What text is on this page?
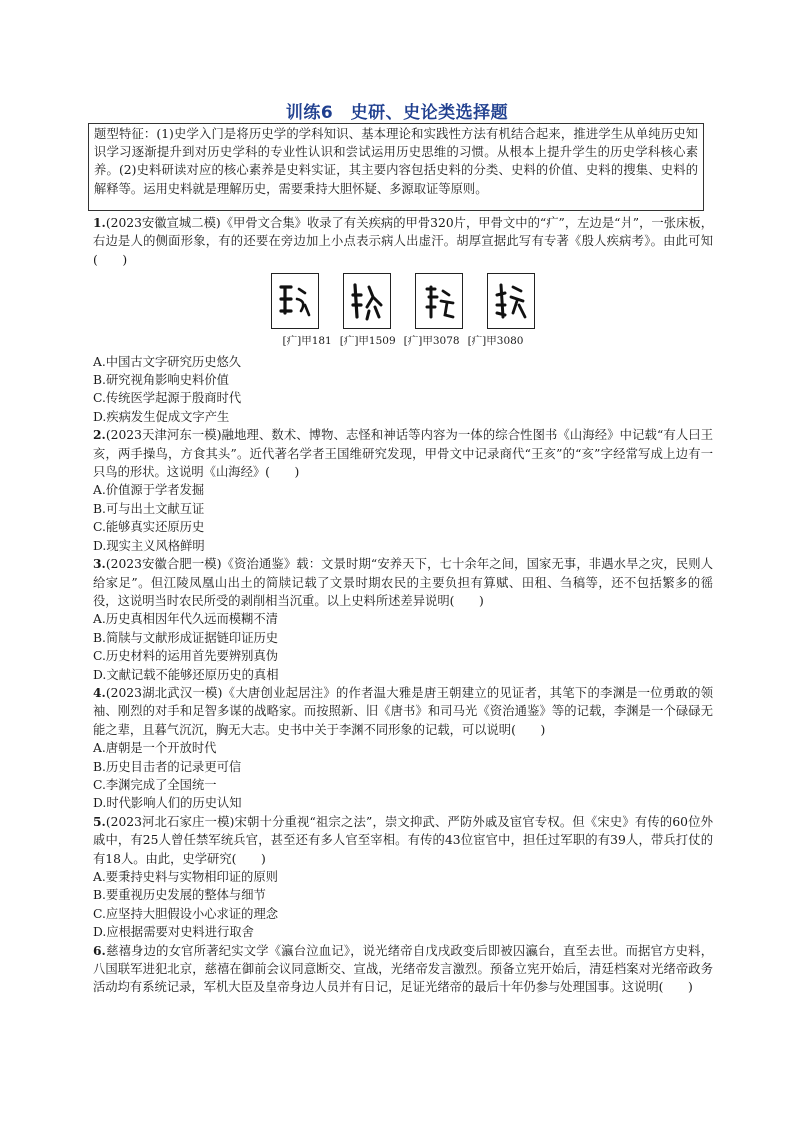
训练6　史研、史论类选择题
题型特征：(1)史学入门是将历史学的学科知识、基本理论和实践性方法有机结合起来，推进学生从单纯历史知识学习逐渐提升到对历史学科的专业性认识和尝试运用历史思维的习惯。从根本上提升学生的历史学科核心素养。(2)史料研读对应的核心素养是史料实证，其主要内容包括史料的分类、史料的价值、史料的搜集、史料的解释等。运用史料就是理解历史，需要秉持大胆怀疑、多源取证等原则。

1.(2023安徽宣城二模)《甲骨文合集》收录了有关疾病的甲骨320片，甲骨文中的“疒”，左边是“爿”，一张床板，右边是人的侧面形象，有的还要在旁边加上小点表示病人出虚汗。胡厚宣据此写有专著《殷人疾病考》。由此可知(　　)

[疒]甲181 [疒]甲1509 [疒]甲3078 [疒]甲3080

A.中国古文字研究历史悠久

B.研究视角影响史料价值

C.传统医学起源于殷商时代

D.疾病发生促成文字产生

2.(2023天津河东一模)融地理、数术、博物、志怪和神话等内容为一体的综合性图书《山海经》中记载“有人曰王亥，两手操鸟，方食其头”。近代著名学者王国维研究发现，甲骨文中记录商代“王亥”的“亥”字经常写成上边有一只鸟的形状。这说明《山海经》(　　)

A.价值源于学者发掘

B.可与出土文献互证

C.能够真实还原历史

D.现实主义风格鲜明

3.(2023安徽合肥一模)《资治通鉴》载：文景时期“安养天下，七十余年之间，国家无事，非遇水旱之灾，民则人给家足”。但江陵凤凰山出土的简牍记载了文景时期农民的主要负担有算赋、田租、刍稿等，还不包括繁多的徭役，这说明当时农民所受的剥削相当沉重。以上史料所述差异说明(　　)

A.历史真相因年代久远而模糊不清

B.简牍与文献形成证据链印证历史

C.历史材料的运用首先要辨别真伪

D.文献记载不能够还原历史的真相

4.(2023湖北武汉一模)《大唐创业起居注》的作者温大雅是唐王朝建立的见证者，其笔下的李渊是一位勇敢的领袖、刚烈的对手和足智多谋的战略家。而按照新、旧《唐书》和司马光《资治通鉴》等的记载，李渊是一个碌碌无能之辈，且暮气沉沉，胸无大志。史书中关于李渊不同形象的记载，可以说明(　　)

A.唐朝是一个开放时代

B.历史目击者的记录更可信

C.李渊完成了全国统一

D.时代影响人们的历史认知

5.(2023河北石家庄一模)宋朝十分重视“祖宗之法”，崇文抑武、严防外戚及宦官专权。但《宋史》有传的60位外戚中，有25人曾任禁军统兵官，甚至还有多人官至宰相。有传的43位宦官中，担任过军职的有39人，带兵打仗的有18人。由此，史学研究(　　)

A.要秉持史料与实物相印证的原则

B.要重视历史发展的整体与细节

C.应坚持大胆假设小心求证的理念

D.应根据需要对史料进行取舍

6.慈禧身边的女官所著纪实文学《瀛台泣血记》，说光绪帝自戊戌政变后即被囚瀛台，直至去世。而据官方史料，八国联军进犯北京，慈禧在御前会议同意断交、宣战，光绪帝发言激烈。预备立宪开始后，清廷档案对光绪帝政务活动均有系统记录，军机大臣及皇帝身边人员并有日记，足证光绪帝的最后十年仍参与处理国事。这说明(　　)
